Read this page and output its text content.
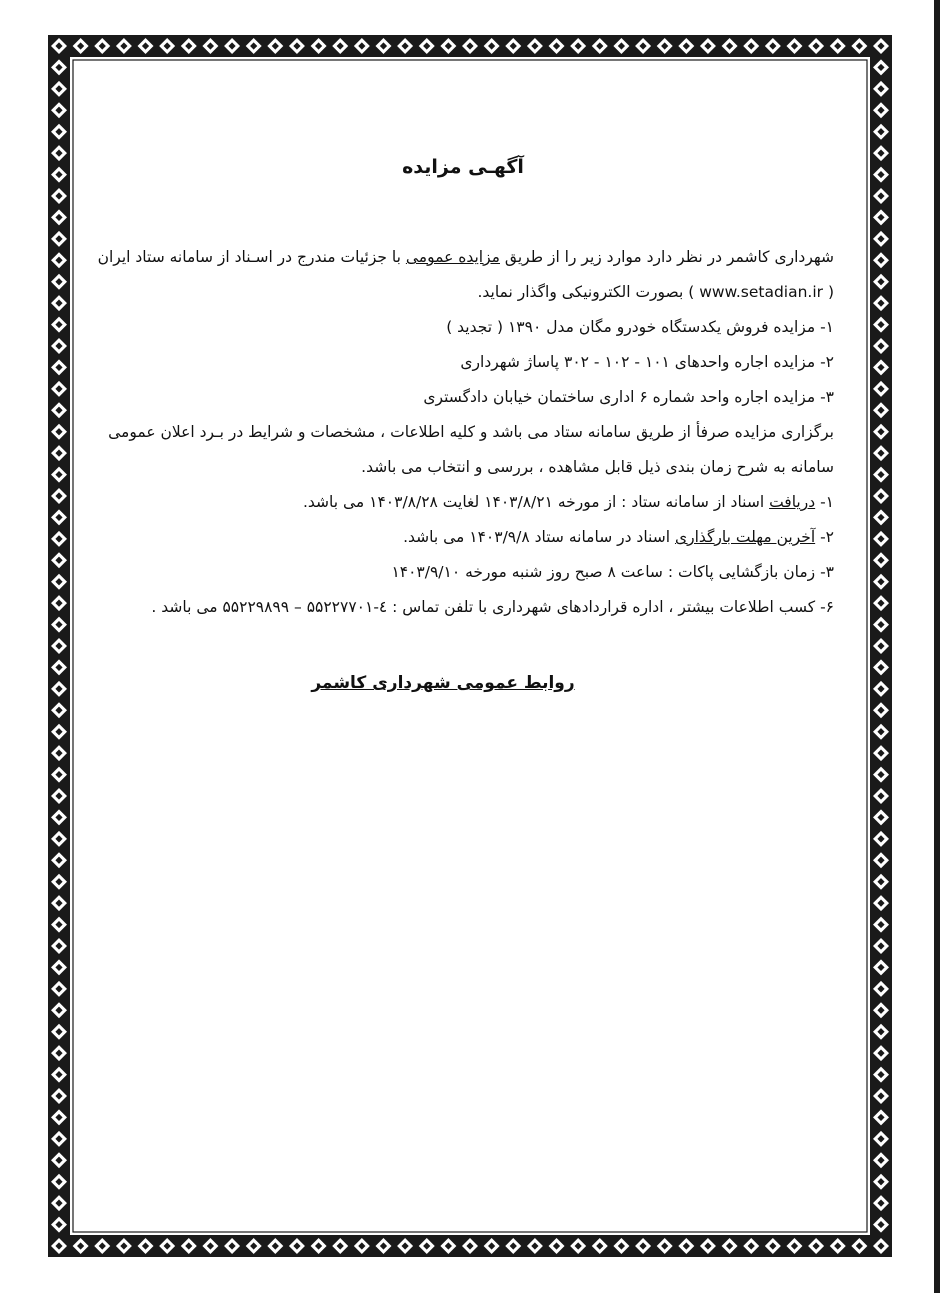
آگهـی مزایده

شهرداری کاشمر در نظر دارد موارد زیر را از طریق مزایده عمومی با جزئیات مندرج در اسـناد از سامانه ستاد ایران ( www.setadian.ir ) بصورت الکترونیکی واگذار نماید.

۱- مزایده فروش یکدستگاه خودرو مگان مدل ۱۳۹۰ ( تجدید )

۲- مزایده اجاره واحدهای ۱۰۱ - ۱۰۲ - ۳۰۲ پاساژ شهرداری

۳- مزایده اجاره واحد شماره ۶ اداری ساختمان خیابان دادگستری

برگزاری مزایده صرفأ از طریق سامانه ستاد می باشد و کلیه اطلاعات ، مشخصات و شرایط در بـرد اعلان عمومی سامانه به شرح زمان بندی ذیل قابل مشاهده ، بررسی و انتخاب می باشد.

۱- دریافت اسناد از سامانه ستاد : از مورخه ۱۴۰۳/۸/۲۱ لغایت ۱۴۰۳/۸/۲۸ می باشد.

۲- آخرین مهلت بارگذاری اسناد در سامانه ستاد ۱۴۰۳/۹/۸ می باشد.

۳- زمان بازگشایی پاکات : ساعت ۸ صبح روز شنبه مورخه ۱۴۰۳/۹/۱۰

۶- کسب اطلاعات بیشتر ، اداره قراردادهای شهرداری با تلفن تماس : ٤-۵۵۲۲۷۷۰۱ – ۵۵۲۲۹۸۹۹ می باشد .

روابط عمومی شهرداری کاشمر
